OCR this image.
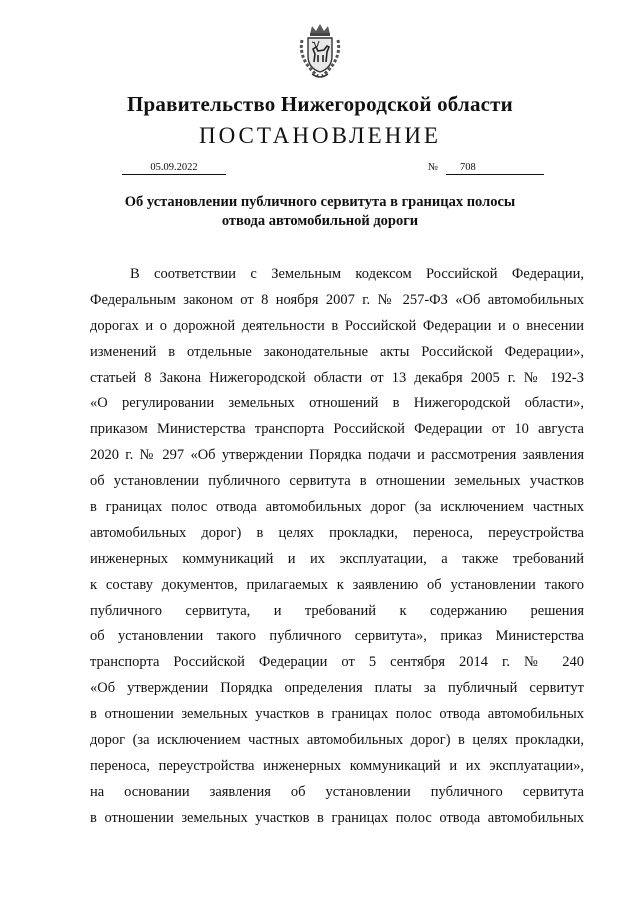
Правительство Нижегородской области
ПОСТАНОВЛЕНИЕ
05.09.2022	№	708
Об установлении публичного сервитута в границах полосы
отвода автомобильной дороги
В соответствии с Земельным кодексом Российской Федерации,
Федеральным законом от 8 ноября 2007 г. № 257-ФЗ «Об автомобильных
дорогах и о дорожной деятельности в Российской Федерации и о внесении
изменений в отдельные законодательные акты Российской Федерации»,
статьей 8 Закона Нижегородской области от 13 декабря 2005 г. № 192-З
«О регулировании земельных отношений в Нижегородской области»,
приказом Министерства транспорта Российской Федерации от 10 августа
2020 г. № 297 «Об утверждении Порядка подачи и рассмотрения заявления
об установлении публичного сервитута в отношении земельных участков
в границах полос отвода автомобильных дорог (за исключением частных
автомобильных дорог) в целях прокладки, переноса, переустройства
инженерных коммуникаций и их эксплуатации, а также требований
к составу документов, прилагаемых к заявлению об установлении такого
публичного сервитута, и требований к содержанию решения
об установлении такого публичного сервитута», приказ Министерства
транспорта Российской Федерации от 5 сентября 2014 г. № 240
«Об утверждении Порядка определения платы за публичный сервитут
в отношении земельных участков в границах полос отвода автомобильных
дорог (за исключением частных автомобильных дорог) в целях прокладки,
переноса, переустройства инженерных коммуникаций и их эксплуатации»,
на основании заявления об установлении публичного сервитута
в отношении земельных участков в границах полос отвода автомобильных
